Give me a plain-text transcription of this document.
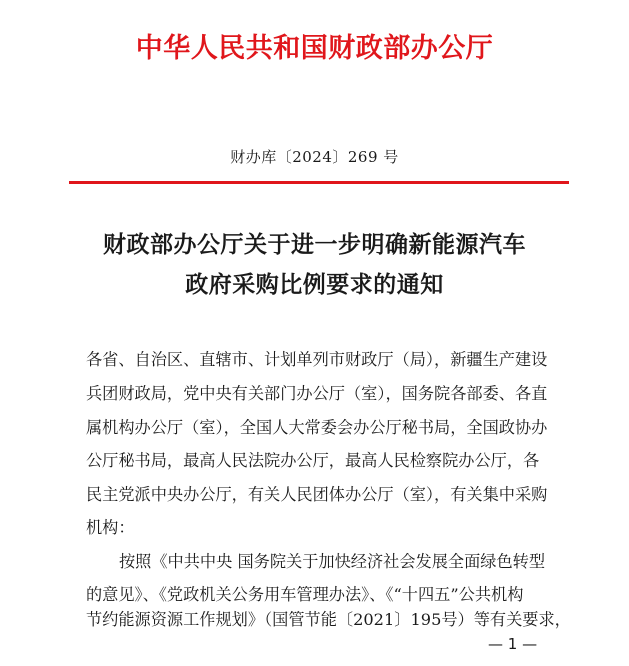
中华人民共和国财政部办公厅
财办库〔2024〕269 号
财政部办公厅关于进一步明确新能源汽车
政府采购比例要求的通知
各省、自治区、直辖市、计划单列市财政厅（局），新疆生产建设
兵团财政局，党中央有关部门办公厅（室），国务院各部委、各直
属机构办公厅（室），全国人大常委会办公厅秘书局，全国政协办
公厅秘书局，最高人民法院办公厅，最高人民检察院办公厅，各
民主党派中央办公厅，有关人民团体办公厅（室），有关集中采购
机构：
按照《中共中央 国务院关于加快经济社会发展全面绿色转型
的意见》、《党政机关公务用车管理办法》、《“十四五”公共机构
节约能源资源工作规划》（国管节能〔2021〕195号）等有关要求，
— 1 —
